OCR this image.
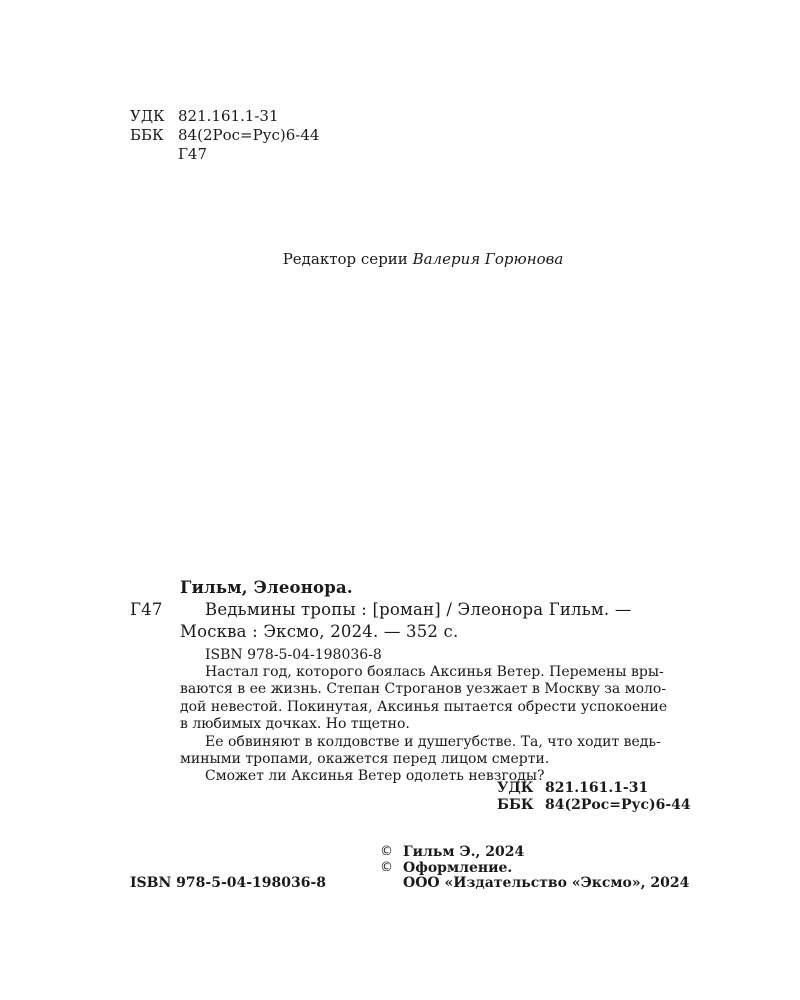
УДК 821.161.1-31
ББК 84(2Рос=Рус)6-44
Г47
Редактор серии Валерия Горюнова
Гильм, Элеонора.
Г47	Ведьмины тропы : [роман] / Элеонора Гильм. —
Москва : Эксмо, 2024. — 352 с.
ISBN 978-5-04-198036-8
Настал год, которого боялась Аксинья Ветер. Перемены вры-
ваются в ее жизнь. Степан Строганов уезжает в Москву за моло-
дой невестой. Покинутая, Аксинья пытается обрести успокоение
в любимых дочках. Но тщетно.
Ее обвиняют в колдовстве и душегубстве. Та, что ходит ведь-
миными тропами, окажется перед лицом смерти.
Сможет ли Аксинья Ветер одолеть невзгоды?
УДК 821.161.1-31
ББК 84(2Рос=Рус)6-44
© Гильм Э., 2024
© Оформление.
ISBN 978-5-04-198036-8	ООО «Издательство «Эксмо», 2024
